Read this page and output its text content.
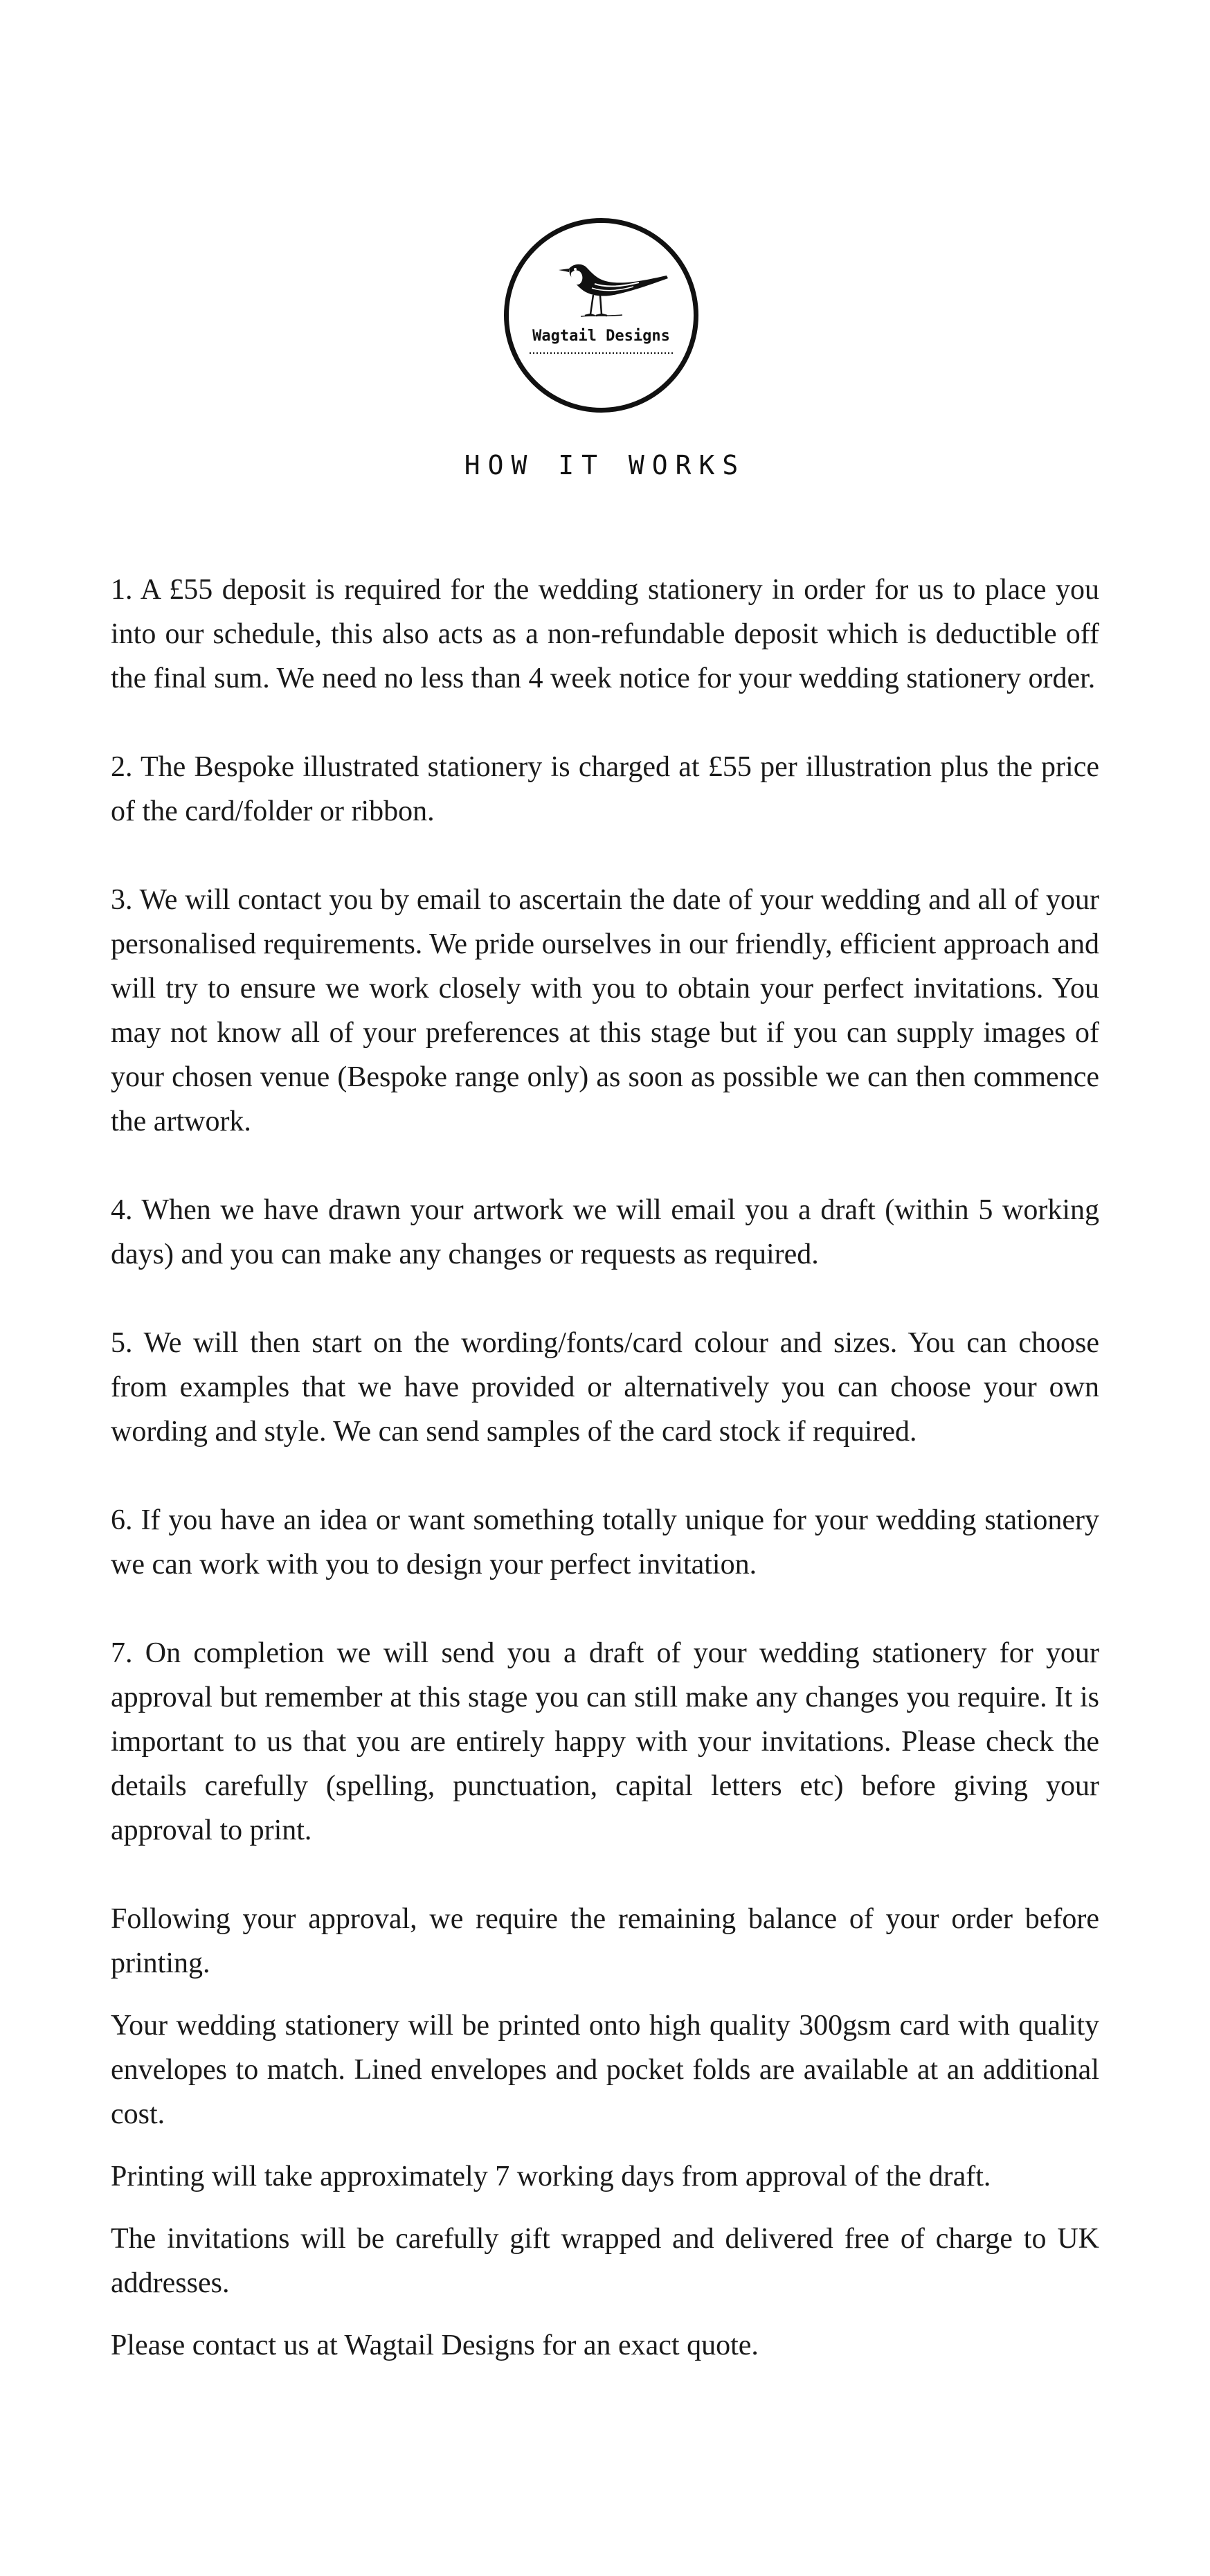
Wagtail Designs
HOW IT WORKS

1. A £55 deposit is required for the wedding stationery in order for us to place you into our schedule, this also acts as a non-refundable deposit which is deductible off the final sum. We need no less than 4 week notice for your wedding stationery order.

2. The Bespoke illustrated stationery is charged at £55 per illustration plus the price of the card/folder or ribbon.

3. We will contact you by email to ascertain the date of your wedding and all of your personalised requirements. We pride ourselves in our friendly, efficient approach and will try to ensure we work closely with you to obtain your perfect invitations. You may not know all of your preferences at this stage but if you can supply images of your chosen venue (Bespoke range only) as soon as possible we can then commence the artwork.

4. When we have drawn your artwork we will email you a draft (within 5 working days) and you can make any changes or requests as required.

5. We will then start on the wording/fonts/card colour and sizes. You can choose from examples that we have provided or alternatively you can choose your own wording and style. We can send samples of the card stock if required.

6. If you have an idea or want something totally unique for your wedding stationery we can work with you to design your perfect invitation.

7. On completion we will send you a draft of your wedding stationery for your approval but remember at this stage you can still make any changes you require. It is important to us that you are entirely happy with your invitations. Please check the details carefully (spelling, punctuation, capital letters etc) before giving your approval to print.

Following your approval, we require the remaining balance of your order before printing.

Your wedding stationery will be printed onto high quality 300gsm card with quality envelopes to match. Lined envelopes and pocket folds are available at an additional cost.

Printing will take approximately 7 working days from approval of the draft.

The invitations will be carefully gift wrapped and delivered free of charge to UK addresses.

Please contact us at Wagtail Designs for an exact quote.
